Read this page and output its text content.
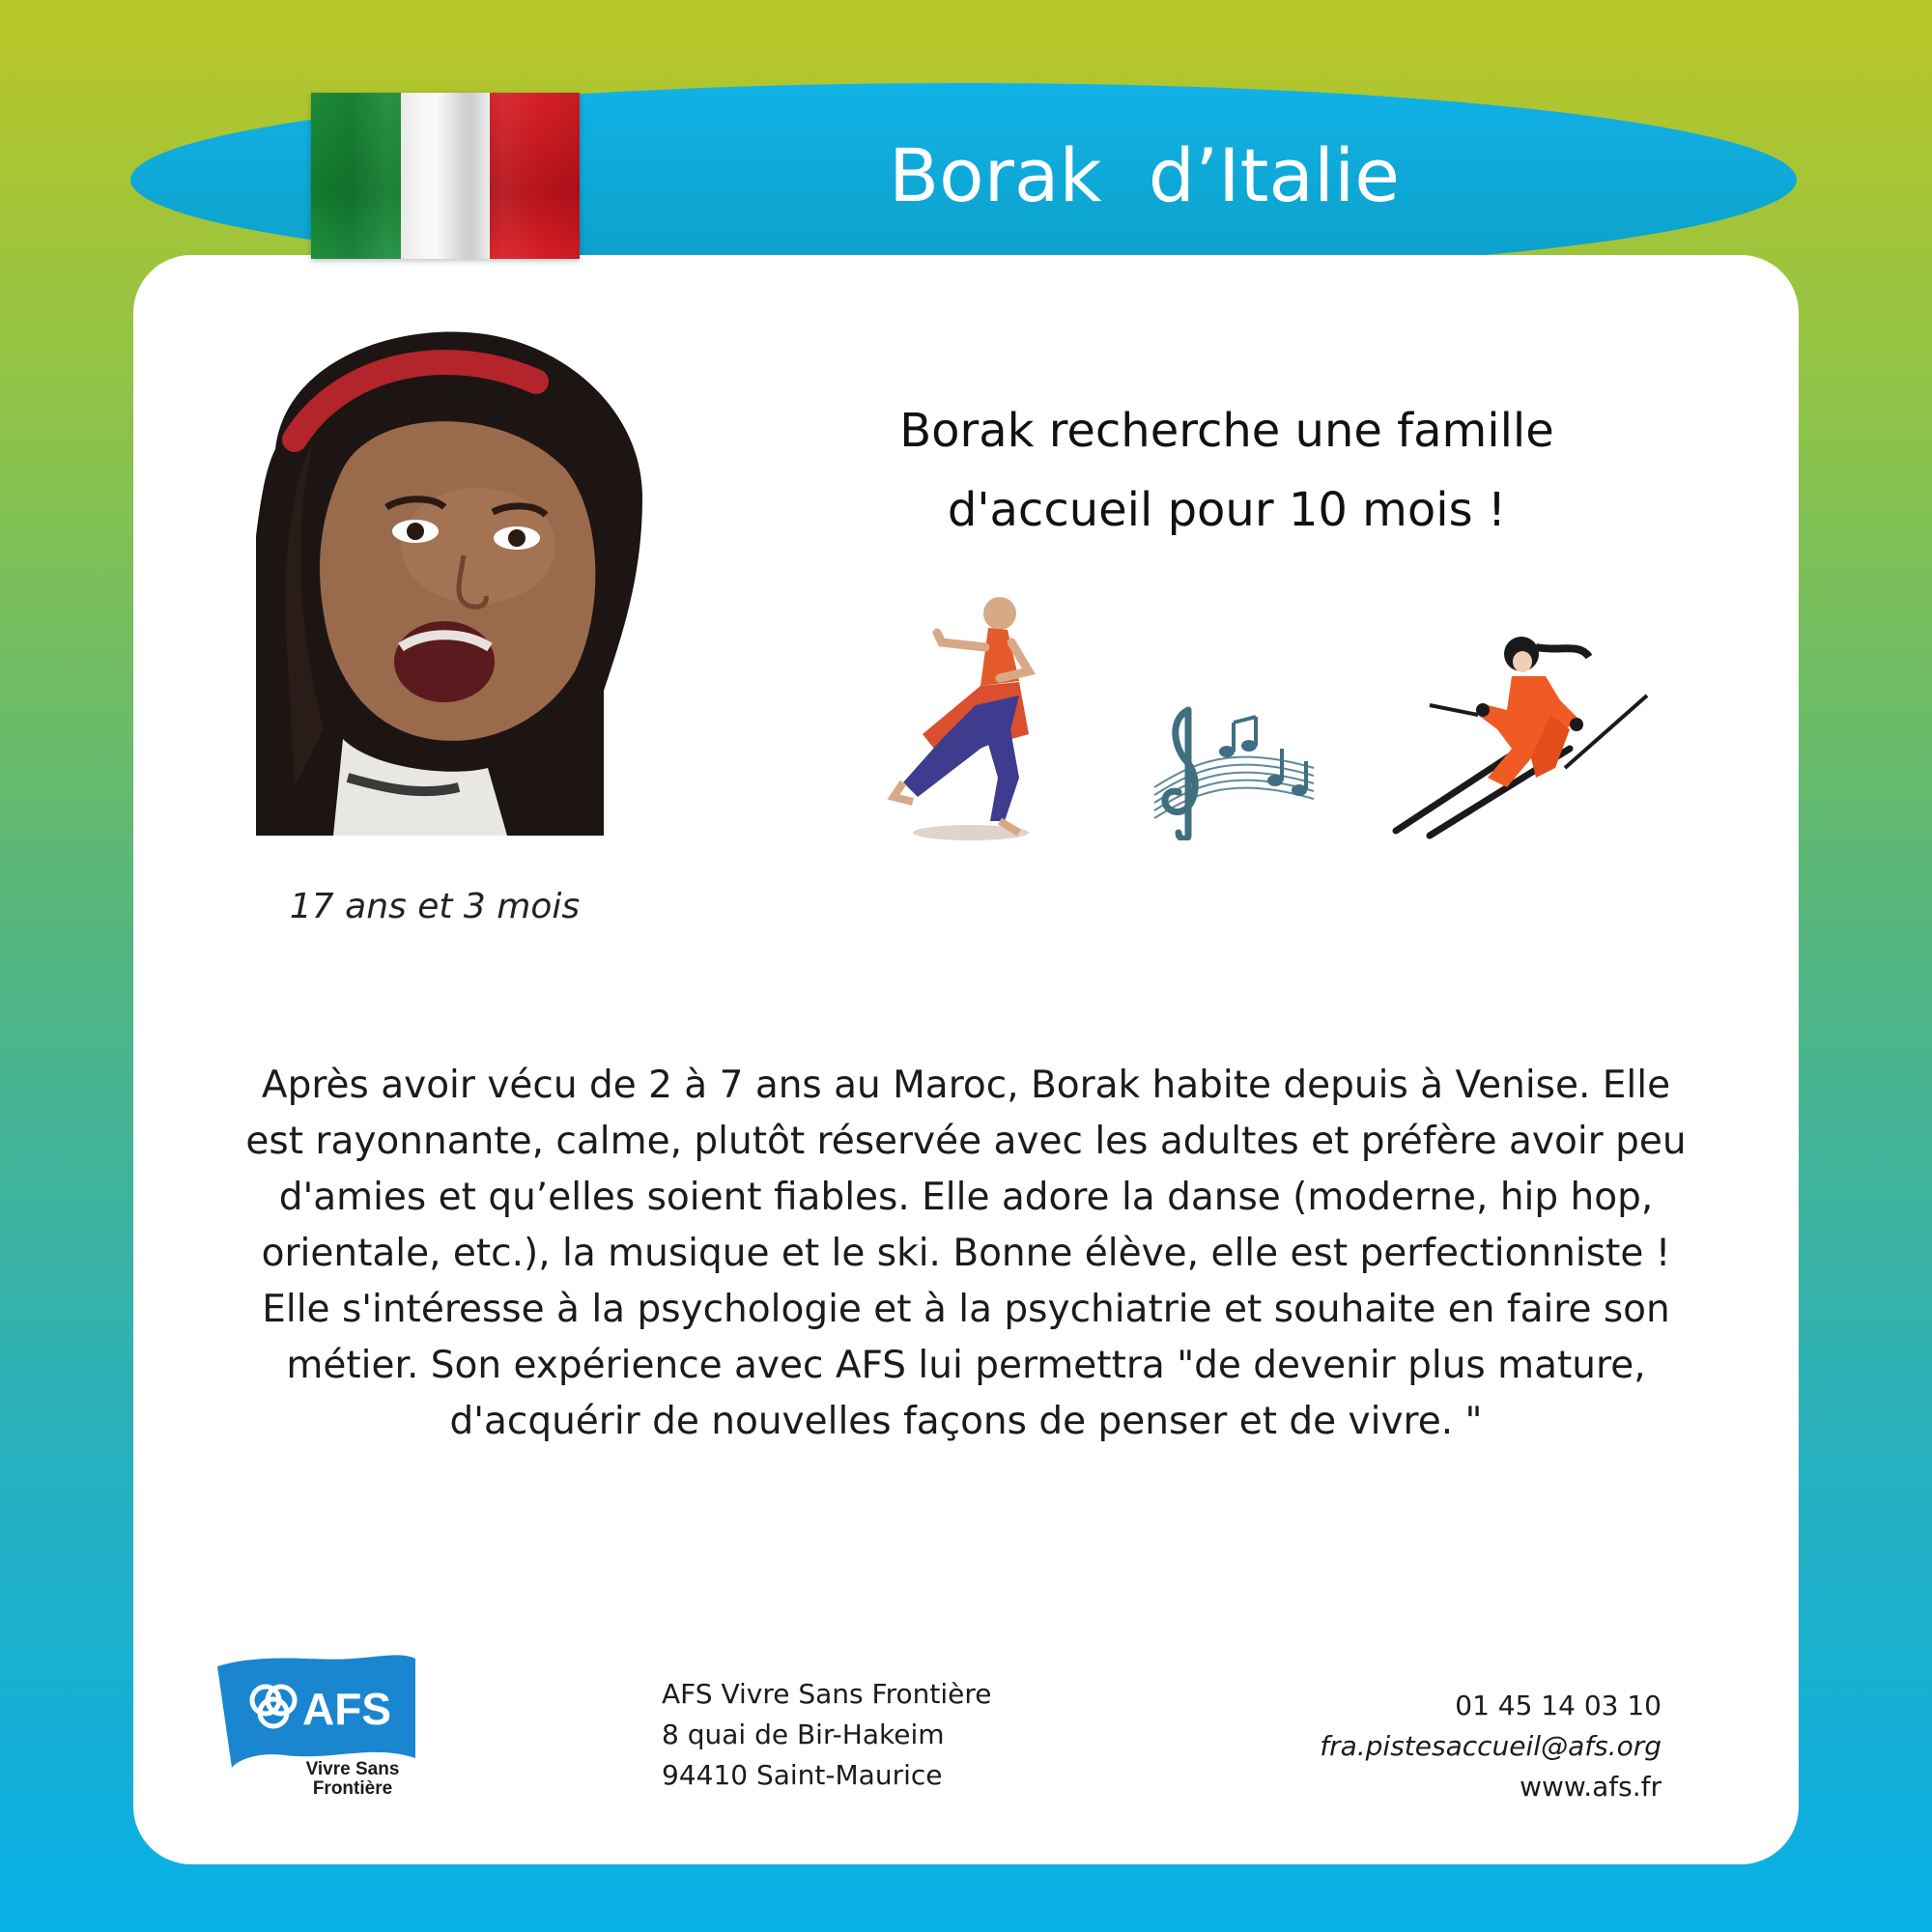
Borak  d’Italie
17 ans et 3 mois
Borak recherche une famille
d'accueil pour 10 mois !
Après avoir vécu de 2 à 7 ans au Maroc, Borak habite depuis à Venise. Elle
est rayonnante, calme, plutôt réservée avec les adultes et préfère avoir peu
d'amies et qu’elles soient fiables. Elle adore la danse (moderne, hip hop,
orientale, etc.), la musique et le ski. Bonne élève, elle est perfectionniste !
Elle s'intéresse à la psychologie et à la psychiatrie et souhaite en faire son
métier. Son expérience avec AFS lui permettra "de devenir plus mature,
d'acquérir de nouvelles façons de penser et de vivre. "
AFS
Vivre Sans
Frontière
AFS Vivre Sans Frontière
8 quai de Bir-Hakeim
94410 Saint-Maurice
01 45 14 03 10
fra.pistesaccueil@afs.org
www.afs.fr
